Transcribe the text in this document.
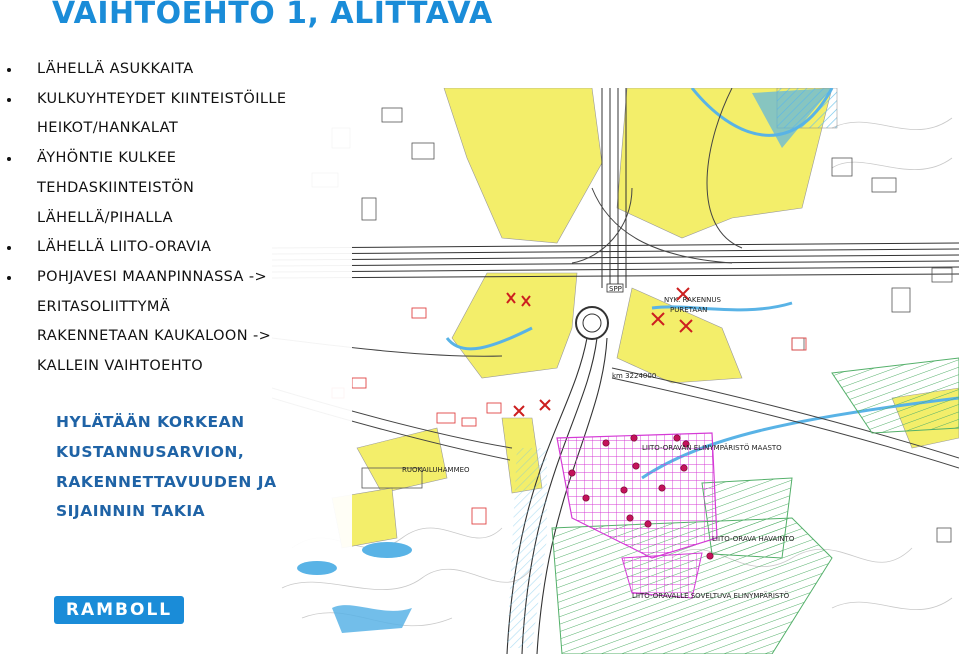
VAIHTOEHTO 1, ALITTAVA
NYK. RAKENNUS
PURETAAN
km 3224000
RUOKAILUHAMMEO
LIITO-ORAVA HAVAINTO
LIITO-ORAVALLE SOVELTUVA ELINYMPÄRISTÖ
LIITO-ORAVAN ELINYMPÄRISTÖ MAASTO
SPP
LÄHELLÄ ASUKKAITA
KULKUYHTEYDET KIINTEISTÖILLE
HEIKOT/HANKALAT
ÄYHÖNTIE KULKEE
TEHDASKIINTEISTÖN
LÄHELLÄ/PIHALLA
LÄHELLÄ LIITO-ORAVIA
POHJAVESI MAANPINNASSA ->
ERITASOLIITTYMÄ
RAKENNETAAN KAUKALOON ->
KALLEIN VAIHTOEHTO
HYLÄTÄÄN KORKEAN
KUSTANNUSARVION,
RAKENNETTAVUUDEN JA
SIJAINNIN TAKIA
RAMBOLL
